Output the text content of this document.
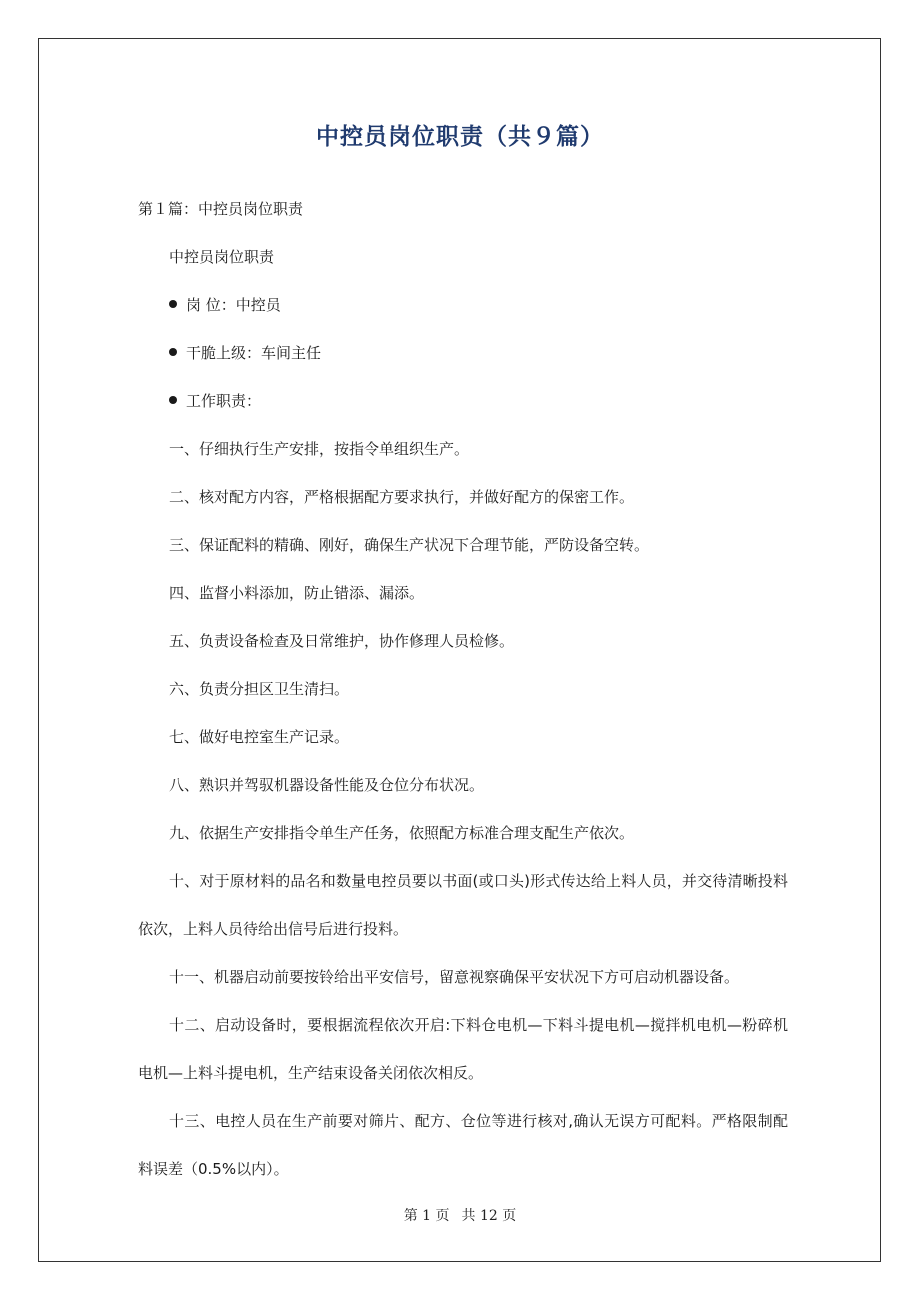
中控员岗位职责（共９篇）

第１篇：中控员岗位职责

中控员岗位职责

岗 位：中控员
干脆上级：车间主任
工作职责：

一、仔细执行生产安排，按指令单组织生产。

二、核对配方内容，严格根据配方要求执行，并做好配方的保密工作。

三、保证配料的精确、刚好，确保生产状况下合理节能，严防设备空转。

四、监督小料添加，防止错添、漏添。

五、负责设备检查及日常维护，协作修理人员检修。

六、负责分担区卫生清扫。

七、做好电控室生产记录。

八、熟识并驾驭机器设备性能及仓位分布状况。

九、依据生产安排指令单生产任务，依照配方标准合理支配生产依次。

十、对于原材料的品名和数量电控员要以书面(或口头)形式传达给上料人员，并交待清晰投料依次，上料人员待给出信号后进行投料。

十一、机器启动前要按铃给出平安信号，留意视察确保平安状况下方可启动机器设备。

十二、启动设备时，要根据流程依次开启:下料仓电机—下料斗提电机—搅拌机电机—粉碎机电机—上料斗提电机，生产结束设备关闭依次相反。

十三、电控人员在生产前要对筛片、配方、仓位等进行核对,确认无误方可配料。严格限制配料误差（0.5%以内）。

第 1 页 共 12 页
